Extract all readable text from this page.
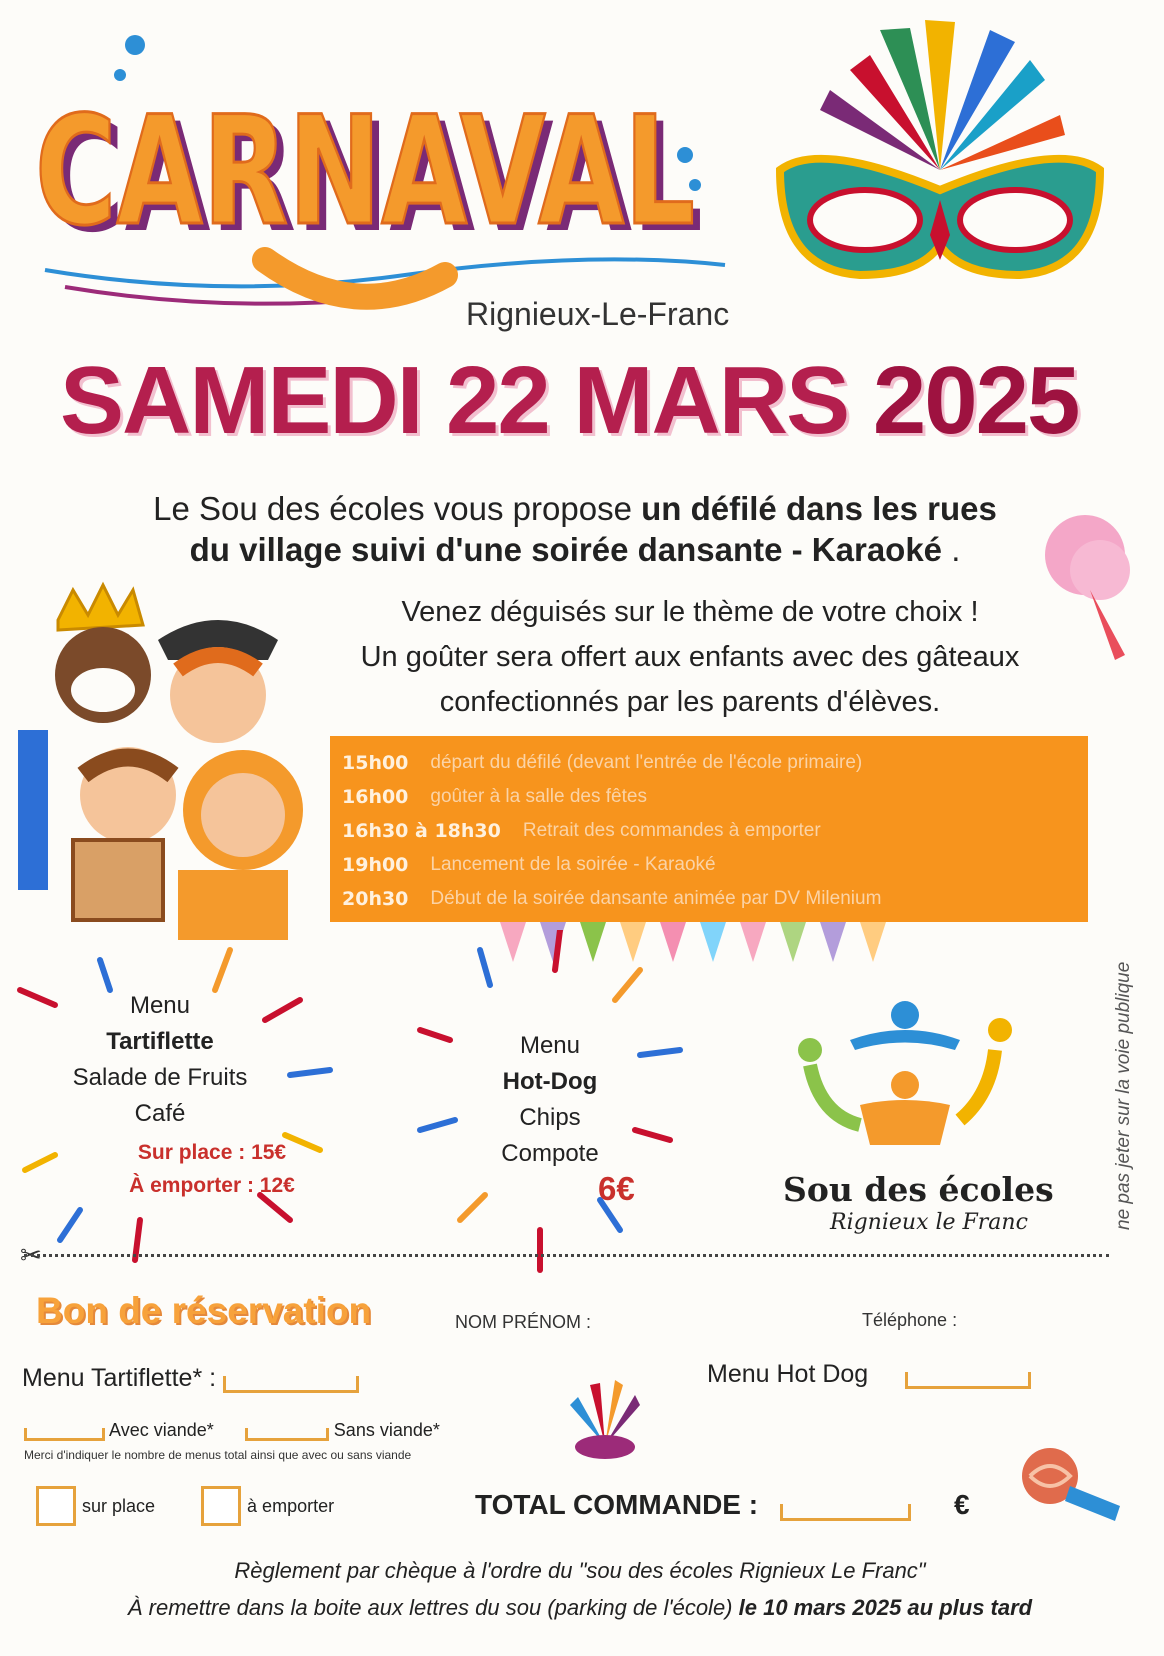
CARNAVAL
CARNAVAL
Rignieux-Le-Franc
SAMEDI 22 MARS 2025
Le Sou des écoles vous propose un défilé dans les rues
du village suivi d'une soirée dansante - Karaoké .
Venez déguisés sur le thème de votre choix !
Un goûter sera offert aux enfants avec des gâteaux
confectionnés par les parents d'élèves.
15h00 départ du défilé (devant l'entrée de l'école primaire)
16h00 goûter à la salle des fêtes
16h30 à 18h30 Retrait des commandes à emporter
19h00 Lancement de la soirée - Karaoké
20h30 Début de la soirée dansante animée par DV Milenium
ne pas jeter sur la voie publique
Menu
Tartiflette
Salade de Fruits
Café
Sur place : 15€
À emporter : 12€
Menu
Hot-Dog
Chips
Compote
6€	Sou des écoles
Rignieux le Franc
✂
Bon de réservation	NOM PRÉNOM :	Téléphone :
Menu Tartiflette* :	Menu Hot Dog
Avec viande*	Sans viande*
Merci d'indiquer le nombre de menus total ainsi que avec ou sans viande
sur place	à emporter	TOTAL COMMANDE :	€
Règlement par chèque à l'ordre du "sou des écoles Rignieux Le Franc"
À remettre dans la boite aux lettres du sou (parking de l'école) le 10 mars 2025 au plus tard
